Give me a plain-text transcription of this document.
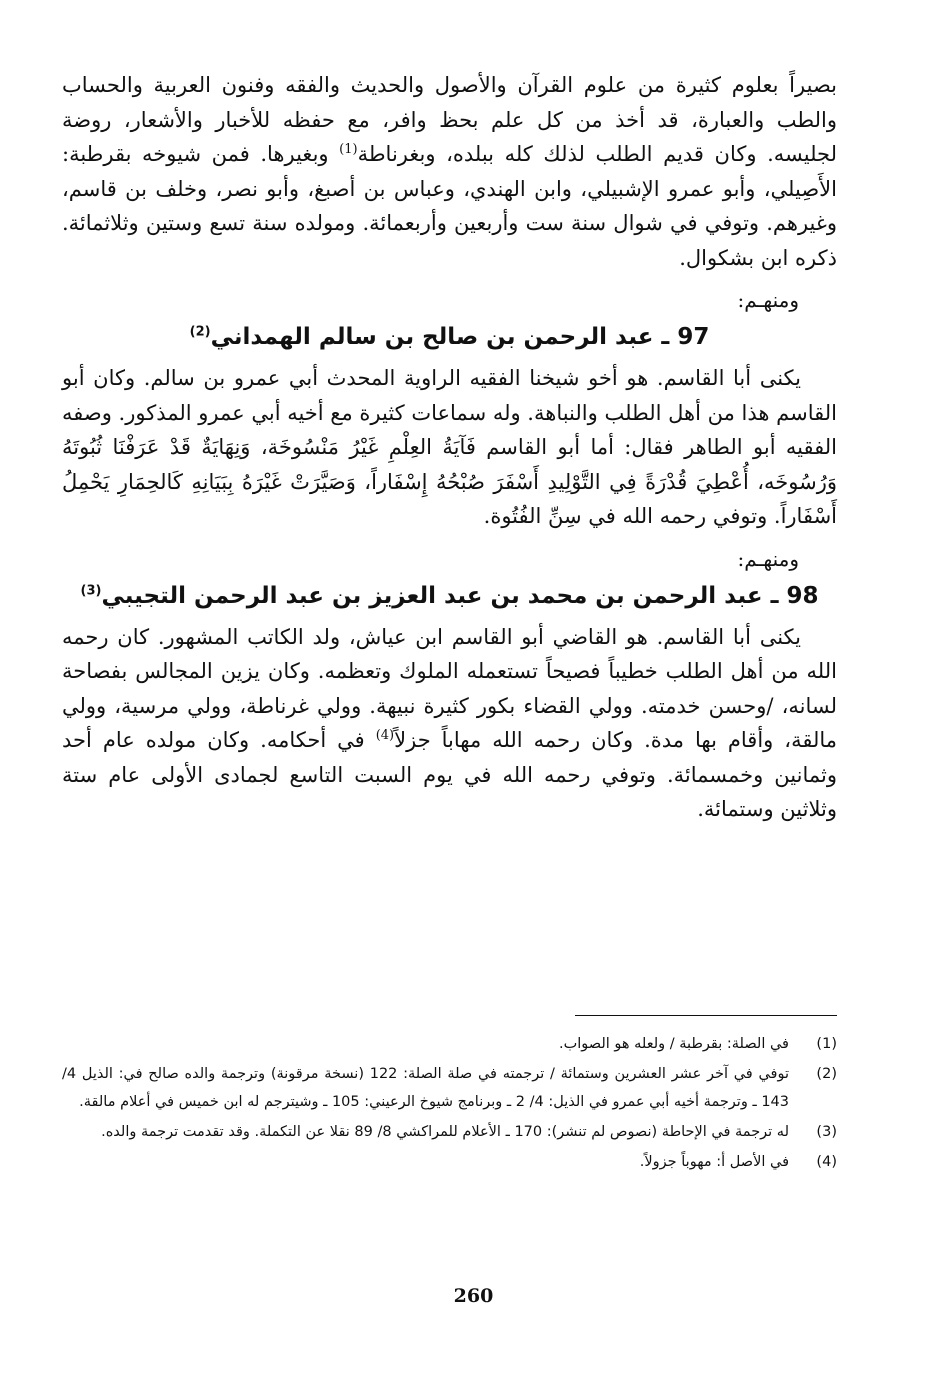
بصيراً بعلوم كثيرة من علوم القرآن والأصول والحديث والفقه وفنون العربية والحساب والطب والعبارة، قد أخذ من كل علم بحظ وافر، مع حفظه للأخبار والأشعار، روضة لجليسه. وكان قديم الطلب لذلك كله ببلده، وبغرناطة$^{(1)}$ وبغيرها. فمن شيوخه بقرطبة: الأَصِيلي، وأبو عمرو الإشبيلي، وابن الهندي، وعباس بن أصبغ، وأبو نصر، وخلف بن قاسم، وغيرهم. وتوفي في شوال سنة ست وأربعين وأربعمائة. ومولده سنة تسع وستين وثلاثمائة. ذكره ابن بشكوال.

ومنهـم:

97 ـ عبد الرحمن بن صالح بن سالم الهمداني$^{(2)}$

يكنى أبا القاسم. هو أخو شيخنا الفقيه الراوية المحدث أبي عمرو بن سالم. وكان أبو القاسم هذا من أهل الطلب والنباهة. وله سماعات كثيرة مع أخيه أبي عمرو المذكور. وصفه الفقيه أبو الطاهر فقال: أما أبو القاسم فَآيَةُ العِلْمِ غَيْرُ مَنْسُوخَة، وَنِهَايَةٌ قَدْ عَرَفْنَا ثُبُوتَهُ وَرُسُوخَه، أُعْطِيَ قُدْرَةً فِي التَّوْلِيدِ أَسْفَرَ صُبْحُهُ إِسْفَاراً، وَصَيَّرَتْ غَيْرَهُ بِبَيَانِهِ كَالحِمَارِ يَحْمِلُ أَسْفَاراً. وتوفي رحمه الله في سِنِّ الفُتُوة.

ومنهـم:

98 ـ عبد الرحمن بن محمد بن عبد العزيز بن عبد الرحمن التجيبي$^{(3)}$

يكنى أبا القاسم. هو القاضي أبو القاسم ابن عياش، ولد الكاتب المشهور. كان رحمه الله من أهل الطلب خطيباً فصيحاً تستعمله الملوك وتعظمه. وكان يزين المجالس بفصاحة لسانه، /وحسن خدمته. وولي القضاء بكور كثيرة نبيهة. وولي غرناطة، وولي مرسية، وولي مالقة، وأقام بها مدة. وكان رحمه الله مهاباً جزلاً$^{(4)}$ في أحكامه. وكان مولده عام أحد وثمانين وخمسمائة. وتوفي رحمه الله في يوم السبت التاسع لجمادى الأولى عام ستة وثلاثين وستمائة.

(1)
في الصلة: بقرطبة / ولعله هو الصواب.
(2)
توفي في آخر عشر العشرين وستمائة / ترجمته في صلة الصلة: 122 (نسخة مرقونة) وترجمة والده صالح في: الذيل 4/ 143 ـ وترجمة أخيه أبي عمرو في الذيل: 4/ 2 ـ وبرنامج شيوخ الرعيني: 105 ـ وشيترجم له ابن خميس في أعلام مالقة.
(3)
له ترجمة في الإحاطة (نصوص لم تنشر): 170 ـ الأعلام للمراكشي 8/ 89 نقلا عن التكملة. وقد تقدمت ترجمة والده.
(4)
في الأصل أ: مهوباً جزولاً.
260
